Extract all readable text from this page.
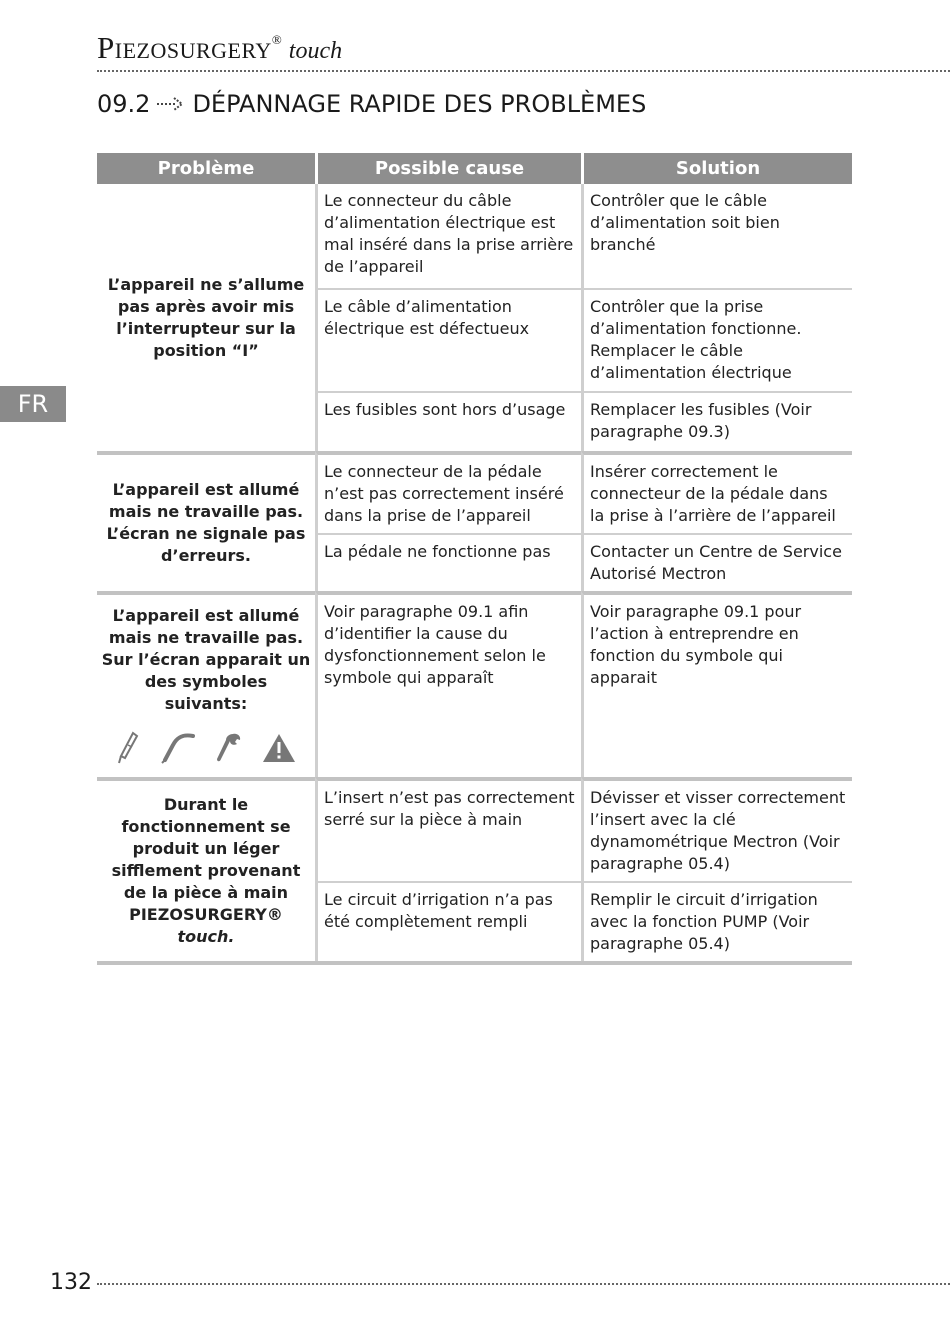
Piezosurgery® touch
09.2 DÉPANNAGE RAPIDE DES PROBLÈMES
FR
Problème	Possible cause	Solution
L’appareil ne s’allume pas après avoir mis l’interrupteur sur la position “I”	Le connecteur du câble d’alimentation électrique est mal inséré dans la prise arrière de l’appareil	Contrôler que le câble d’alimentation soit bien branché
	Le câble d’alimentation électrique est défectueux	Contrôler que la prise d’alimentation fonctionne. Remplacer le câble d’alimentation électrique
	Les fusibles sont hors d’usage	Remplacer les fusibles (Voir paragraphe 09.3)
L’appareil est allumé mais ne travaille pas. L’écran ne signale pas d’erreurs.	Le connecteur de la pédale n’est pas correctement inséré dans la prise de l’appareil	Insérer correctement le connecteur de la pédale dans la prise à l’arrière de l’appareil
	La pédale ne fonctionne pas	Contacter un Centre de Service Autorisé Mectron

L’appareil est allumé mais ne travaille pas. Sur l’écran apparait un des symboles suivants:	Voir paragraphe 09.1 afin d’identifier la cause du dysfonctionnement selon le symbole qui apparaît	Voir paragraphe 09.1 pour l’action à entreprendre en fonction du symbole qui apparait
Durant le fonctionnement se produit un léger sifflement provenant de la pièce à main PIEZOSURGERY® touch.	L’insert n’est pas correctement serré sur la pièce à main	Dévisser et visser correctement l’insert avec la clé dynamométrique Mectron (Voir paragraphe 05.4)
	Le circuit d’irrigation n’a pas été complètement rempli	Remplir le circuit d’irrigation avec la fonction PUMP (Voir paragraphe 05.4)
132
